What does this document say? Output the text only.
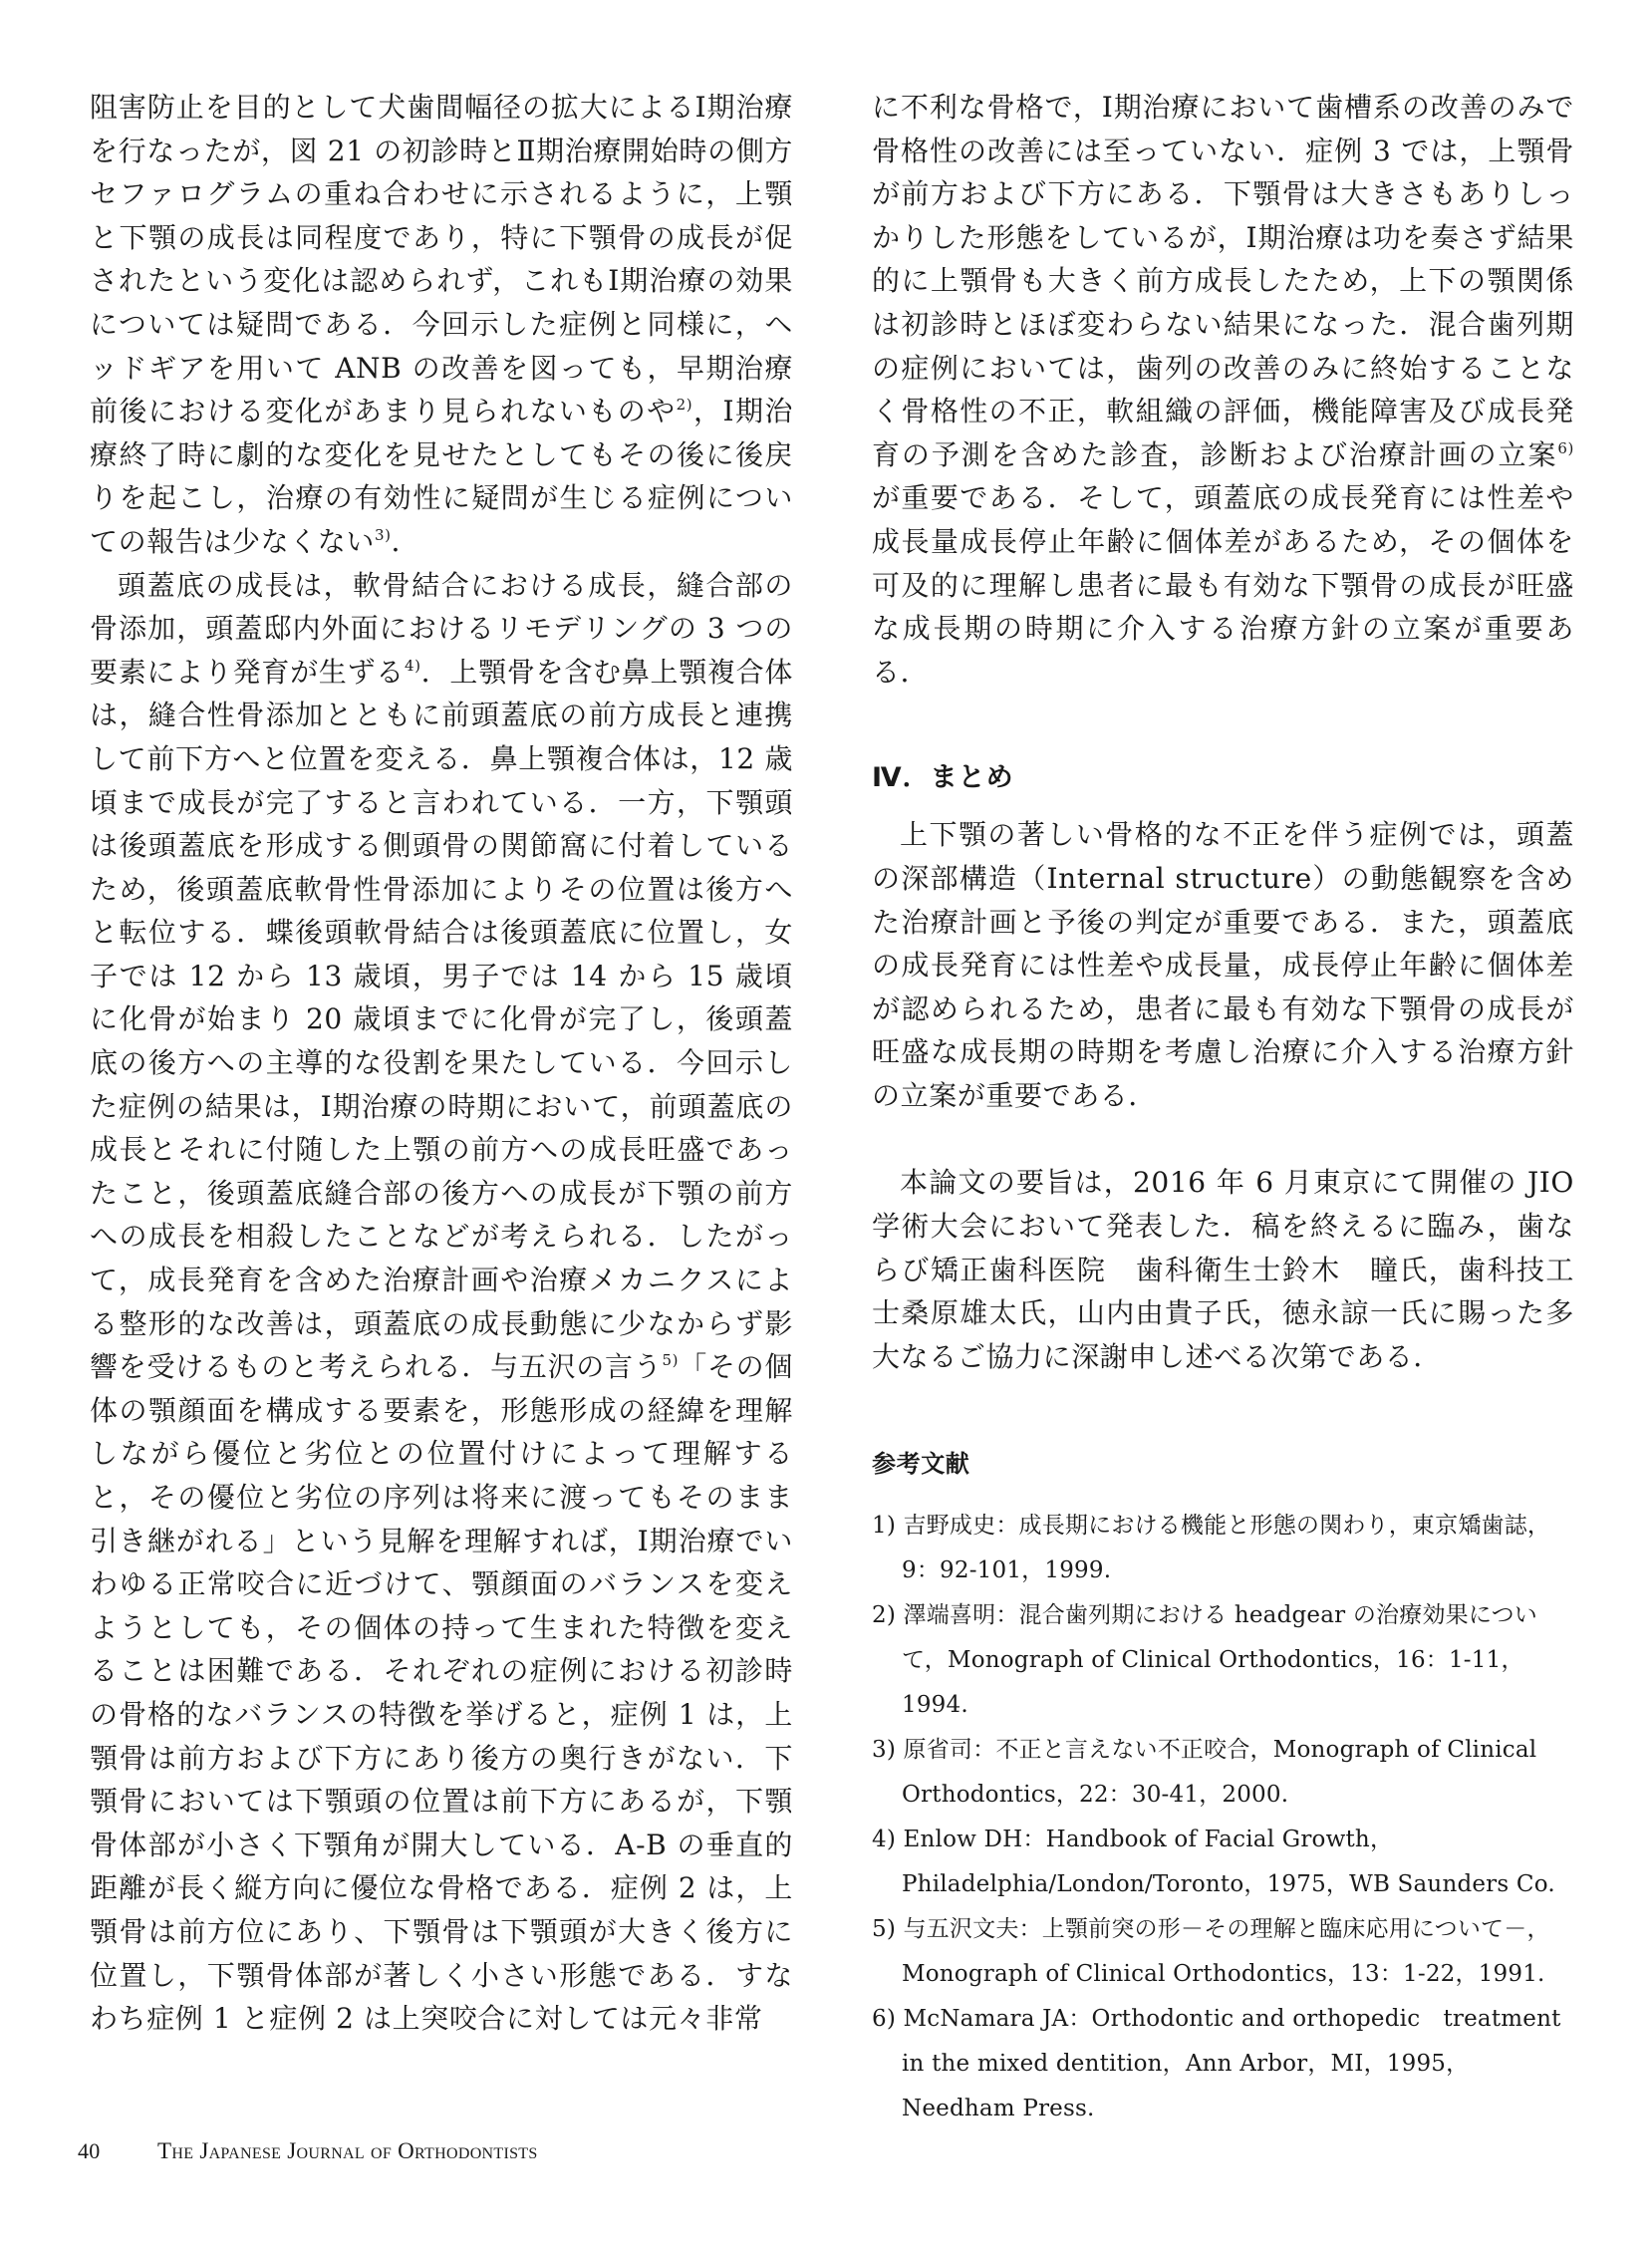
阻害防止を目的として犬歯間幅径の拡大によるⅠ期治療を行なったが，図 21 の初診時とⅡ期治療開始時の側方セファログラムの重ね合わせに示されるように，上顎と下顎の成長は同程度であり，特に下顎骨の成長が促されたという変化は認められず，これもⅠ期治療の効果については疑問である．今回示した症例と同様に，ヘッドギアを用いて ANB の改善を図っても，早期治療前後における変化があまり見られないものや$^{2)}$，Ⅰ期治療終了時に劇的な変化を見せたとしてもその後に後戻りを起こし，治療の有効性に疑問が生じる症例についての報告は少なくない$^{3)}$．

頭蓋底の成長は，軟骨結合における成長，縫合部の骨添加，頭蓋邸内外面におけるリモデリングの 3 つの要素により発育が生ずる$^{4)}$．上顎骨を含む鼻上顎複合体は，縫合性骨添加とともに前頭蓋底の前方成長と連携して前下方へと位置を変える．鼻上顎複合体は，12 歳頃まで成長が完了すると言われている．一方，下顎頭は後頭蓋底を形成する側頭骨の関節窩に付着しているため，後頭蓋底軟骨性骨添加によりその位置は後方へと転位する．蝶後頭軟骨結合は後頭蓋底に位置し，女子では 12 から 13 歳頃，男子では 14 から 15 歳頃に化骨が始まり 20 歳頃までに化骨が完了し，後頭蓋底の後方への主導的な役割を果たしている．今回示した症例の結果は，Ⅰ期治療の時期において，前頭蓋底の成長とそれに付随した上顎の前方への成長旺盛であったこと，後頭蓋底縫合部の後方への成長が下顎の前方への成長を相殺したことなどが考えられる．したがって，成長発育を含めた治療計画や治療メカニクスによる整形的な改善は，頭蓋底の成長動態に少なからず影響を受けるものと考えられる．与五沢の言う$^{5)}$「その個体の顎顔面を構成する要素を，形態形成の経緯を理解しながら優位と劣位との位置付けによって理解すると，その優位と劣位の序列は将来に渡ってもそのまま引き継がれる」という見解を理解すれば，Ⅰ期治療でいわゆる正常咬合に近づけて、顎顔面のバランスを変えようとしても，その個体の持って生まれた特徴を変えることは困難である．それぞれの症例における初診時の骨格的なバランスの特徴を挙げると，症例 1 は，上顎骨は前方および下方にあり後方の奥行きがない．下顎骨においては下顎頭の位置は前下方にあるが，下顎骨体部が小さく下顎角が開大している．A-B の垂直的距離が長く縦方向に優位な骨格である．症例 2 は，上顎骨は前方位にあり、下顎骨は下顎頭が大きく後方に位置し，下顎骨体部が著しく小さい形態である．すなわち症例 1 と症例 2 は上突咬合に対しては元々非常

に不利な骨格で，Ⅰ期治療において歯槽系の改善のみで骨格性の改善には至っていない．症例 3 では，上顎骨が前方および下方にある．下顎骨は大きさもありしっかりした形態をしているが，Ⅰ期治療は功を奏さず結果的に上顎骨も大きく前方成長したため，上下の顎関係は初診時とほぼ変わらない結果になった．混合歯列期の症例においては，歯列の改善のみに終始することなく骨格性の不正，軟組織の評価，機能障害及び成長発育の予測を含めた診査，診断および治療計画の立案$^{6)}$ が重要である．そして，頭蓋底の成長発育には性差や成長量成長停止年齢に個体差があるため，その個体を可及的に理解し患者に最も有効な下顎骨の成長が旺盛な成長期の時期に介入する治療方針の立案が重要ある．

Ⅳ．まとめ

上下顎の著しい骨格的な不正を伴う症例では，頭蓋の深部構造（Internal structure）の動態観察を含めた治療計画と予後の判定が重要である．また，頭蓋底の成長発育には性差や成長量，成長停止年齢に個体差が認められるため，患者に最も有効な下顎骨の成長が旺盛な成長期の時期を考慮し治療に介入する治療方針の立案が重要である．

本論文の要旨は，2016 年 6 月東京にて開催の JIO 学術大会において発表した．稿を終えるに臨み，歯ならび矯正歯科医院　歯科衛生士鈴木　瞳氏，歯科技工士桑原雄太氏，山内由貴子氏，徳永諒一氏に賜った多大なるご協力に深謝申し述べる次第である．

参考文献

1) 吉野成史：成長期における機能と形態の関わり，東京矯歯誌，9：92-101，1999.
2) 澤端喜明：混合歯列期における headgear の治療効果について，Monograph of Clinical Orthodontics，16：1-11，1994.
3) 原省司：不正と言えない不正咬合，Monograph of Clinical Orthodontics，22：30-41，2000.
4) Enlow DH：Handbook of Facial Growth，Philadelphia/London/Toronto，1975，WB Saunders Co.
5) 与五沢文夫：上顎前突の形－その理解と臨床応用について－，Monograph of Clinical Orthodontics，13：1-22，1991.
6) McNamara JA：Orthodontic and orthopedic　treatment in the mixed dentition，Ann Arbor，MI，1995，Needham Press.
40 The Japanese Journal of Orthodontists
